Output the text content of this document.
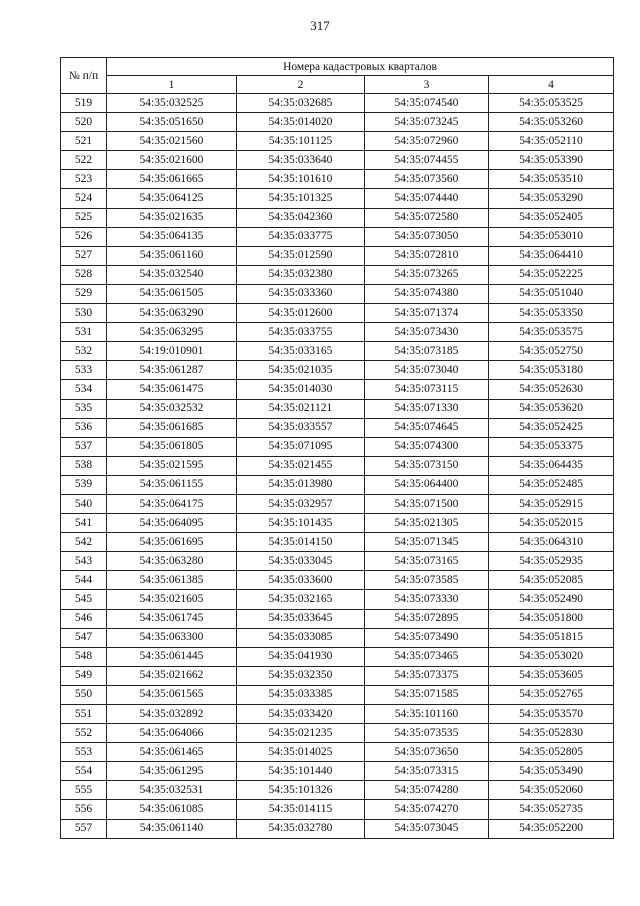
317
№ п/п	Номера кадастровых кварталов			
	1	2	3	4
519	54:35:032525	54:35:032685	54:35:074540	54:35:053525
520	54:35:051650	54:35:014020	54:35:073245	54:35:053260
521	54:35:021560	54:35:101125	54:35:072960	54:35:052110
522	54:35:021600	54:35:033640	54:35:074455	54:35:053390
523	54:35:061665	54:35:101610	54:35:073560	54:35:053510
524	54:35:064125	54:35:101325	54:35:074440	54:35:053290
525	54:35:021635	54:35:042360	54:35:072580	54:35:052405
526	54:35:064135	54:35:033775	54:35:073050	54:35:053010
527	54:35:061160	54:35:012590	54:35:072810	54:35:064410
528	54:35:032540	54:35:032380	54:35:073265	54:35:052225
529	54:35:061505	54:35:033360	54:35:074380	54:35:051040
530	54:35:063290	54:35:012600	54:35:071374	54:35:053350
531	54:35:063295	54:35:033755	54:35:073430	54:35:053575
532	54:19:010901	54:35:033165	54:35:073185	54:35:052750
533	54:35:061287	54:35:021035	54:35:073040	54:35:053180
534	54:35:061475	54:35:014030	54:35:073115	54:35:052630
535	54:35:032532	54:35:021121	54:35:071330	54:35:053620
536	54:35:061685	54:35:033557	54:35:074645	54:35:052425
537	54:35:061805	54:35:071095	54:35:074300	54:35:053375
538	54:35:021595	54:35:021455	54:35:073150	54:35:064435
539	54:35:061155	54:35:013980	54:35:064400	54:35:052485
540	54:35:064175	54:35:032957	54:35:071500	54:35:052915
541	54:35:064095	54:35:101435	54:35:021305	54:35:052015
542	54:35:061695	54:35:014150	54:35:071345	54:35:064310
543	54:35:063280	54:35:033045	54:35:073165	54:35:052935
544	54:35:061385	54:35:033600	54:35:073585	54:35:052085
545	54:35:021605	54:35:032165	54:35:073330	54:35:052490
546	54:35:061745	54:35:033645	54:35:072895	54:35:051800
547	54:35:063300	54:35:033085	54:35:073490	54:35:051815
548	54:35:061445	54:35:041930	54:35:073465	54:35:053020
549	54:35:021662	54:35:032350	54:35:073375	54:35:053605
550	54:35:061565	54:35:033385	54:35:071585	54:35:052765
551	54:35:032892	54:35:033420	54:35:101160	54:35:053570
552	54:35:064066	54:35:021235	54:35:073535	54:35:052830
553	54:35:061465	54:35:014025	54:35:073650	54:35:052805
554	54:35:061295	54:35:101440	54:35:073315	54:35:053490
555	54:35:032531	54:35:101326	54:35:074280	54:35:052060
556	54:35:061085	54:35:014115	54:35:074270	54:35:052735
557	54:35:061140	54:35:032780	54:35:073045	54:35:052200
